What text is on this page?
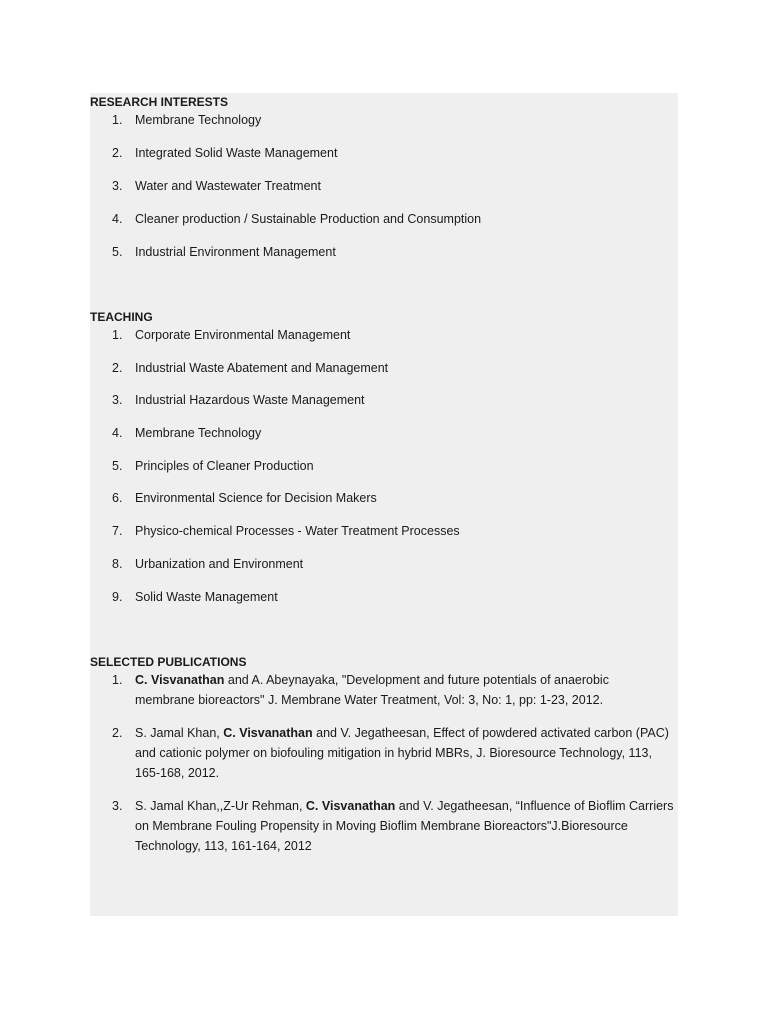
RESEARCH INTERESTS
1.	Membrane Technology
2.	Integrated Solid Waste Management
3.	Water and Wastewater Treatment
4.	Cleaner production / Sustainable Production and Consumption
5.	Industrial Environment Management
TEACHING
1.	Corporate Environmental Management
2.	Industrial Waste Abatement and Management
3.	Industrial Hazardous Waste Management
4.	Membrane Technology
5.	Principles of Cleaner Production
6.	Environmental Science for Decision Makers
7.	Physico-chemical Processes - Water Treatment Processes
8.	Urbanization and Environment
9.	Solid Waste Management
SELECTED PUBLICATIONS
1.	C. Visvanathan and A. Abeynayaka, "Development and future potentials of anaerobic
membrane bioreactors" J. Membrane Water Treatment, Vol: 3, No: 1, pp: 1-23, 2012.
2.	S. Jamal Khan, C. Visvanathan and V. Jegatheesan, Effect of powdered activated carbon (PAC)
and cationic polymer on biofouling mitigation in hybrid MBRs, J. Bioresource Technology, 113,
165-168, 2012.
3.	S. Jamal Khan,,Z-Ur Rehman, C. Visvanathan and V. Jegatheesan, “Influence of Bioflim Carriers
on Membrane Fouling Propensity in Moving Bioflim Membrane Bioreactors"J.Bioresource
Technology, 113, 161-164, 2012
